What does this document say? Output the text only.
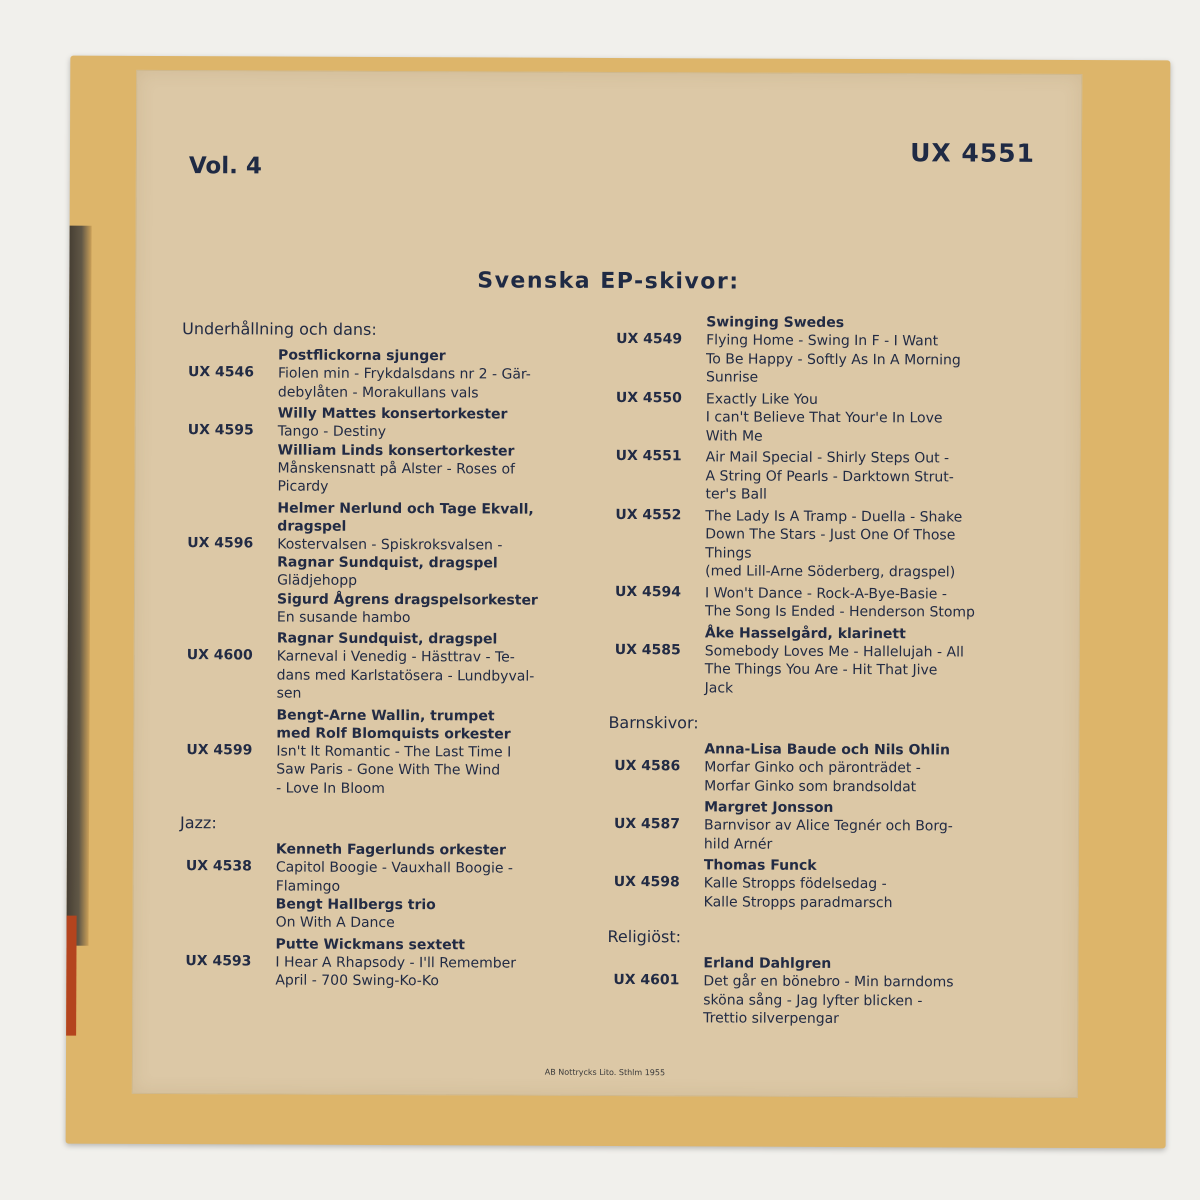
Vol. 4	UX 4551
Svenska EP-skivor:
Underhållning och dans:
UX 4546
Postflickorna sjunger
Fiolen min - Frykdalsdans nr 2 - Gär-
debylåten - Morakullans vals
UX 4595
Willy Mattes konsertorkester
Tango - Destiny
William Linds konsertorkester
Månskensnatt på Alster - Roses of
Picardy
UX 4596
Helmer Nerlund och Tage Ekvall,
dragspel
Kostervalsen - Spiskroksvalsen -
Ragnar Sundquist, dragspel
Glädjehopp
Sigurd Ågrens dragspelsorkester
En susande hambo
UX 4600
Ragnar Sundquist, dragspel
Karneval i Venedig - Hästtrav - Te-
dans med Karlstatösera - Lundbyval-
sen
UX 4599
Bengt-Arne Wallin, trumpet
med Rolf Blomquists orkester
Isn't It Romantic - The Last Time I
Saw Paris - Gone With The Wind
- Love In Bloom
Jazz:
UX 4538
Kenneth Fagerlunds orkester
Capitol Boogie - Vauxhall Boogie -
Flamingo
Bengt Hallbergs trio
On With A Dance
UX 4593
Putte Wickmans sextett
I Hear A Rhapsody - I'll Remember
April - 700 Swing-Ko-Ko
UX 4549
Swinging Swedes
Flying Home - Swing In F - I Want
To Be Happy - Softly As In A Morning
Sunrise
UX 4550 Exactly Like You
I can't Believe That Your'e In Love
With Me
UX 4551 Air Mail Special - Shirly Steps Out -
A String Of Pearls - Darktown Strut-
ter's Ball
UX 4552 The Lady Is A Tramp - Duella - Shake
Down The Stars - Just One Of Those
Things
(med Lill-Arne Söderberg, dragspel)
UX 4594 I Won't Dance - Rock-A-Bye-Basie -
The Song Is Ended - Henderson Stomp
UX 4585
Åke Hasselgård, klarinett
Somebody Loves Me - Hallelujah - All
The Things You Are - Hit That Jive
Jack
Barnskivor:
UX 4586
Anna-Lisa Baude och Nils Ohlin
Morfar Ginko och päronträdet -
Morfar Ginko som brandsoldat
UX 4587
Margret Jonsson
Barnvisor av Alice Tegnér och Borg-
hild Arnér
UX 4598
Thomas Funck
Kalle Stropps födelsedag -
Kalle Stropps paradmarsch
Religiöst:
UX 4601
Erland Dahlgren
Det går en bönebro - Min barndoms
sköna sång - Jag lyfter blicken -
Trettio silverpengar
AB Nottrycks Lito. Sthlm 1955
